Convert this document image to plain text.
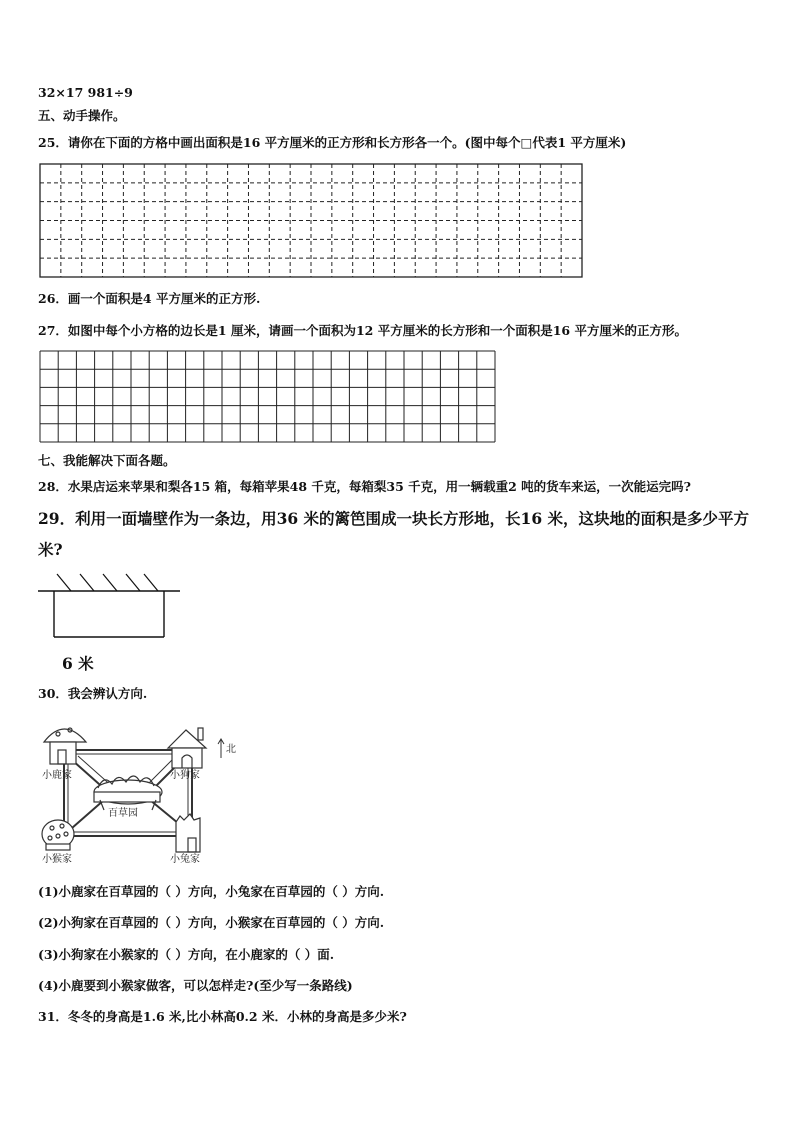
32×17 981÷9
五、动手操作。
25．请你在下面的方格中画出面积是16 平方厘米的正方形和长方形各一个。(图中每个□代表1 平方厘米)
北
小鹿家	小狗家
百草园
小猴家	小兔家
26．画一个面积是4 平方厘米的正方形.
27．如图中每个小方格的边长是1 厘米，请画一个面积为12 平方厘米的长方形和一个面积是16 平方厘米的正方形。
七、我能解决下面各题。
28．水果店运来苹果和梨各15 箱，每箱苹果48 千克，每箱梨35 千克，用一辆载重2 吨的货车来运，一次能运完吗?
29．利用一面墙壁作为一条边，用36 米的篱笆围成一块长方形地，长16 米，这块地的面积是多少平方
米?
6 米
30．我会辨认方向.
(1)小鹿家在百草园的（ ）方向，小兔家在百草园的（ ）方向.
(2)小狗家在百草园的（ ）方向，小猴家在百草园的（ ）方向.
(3)小狗家在小猴家的（ ）方向，在小鹿家的（ ）面.
(4)小鹿要到小猴家做客，可以怎样走?(至少写一条路线)
31．冬冬的身高是1.6 米,比小林高0.2 米．小林的身高是多少米?
